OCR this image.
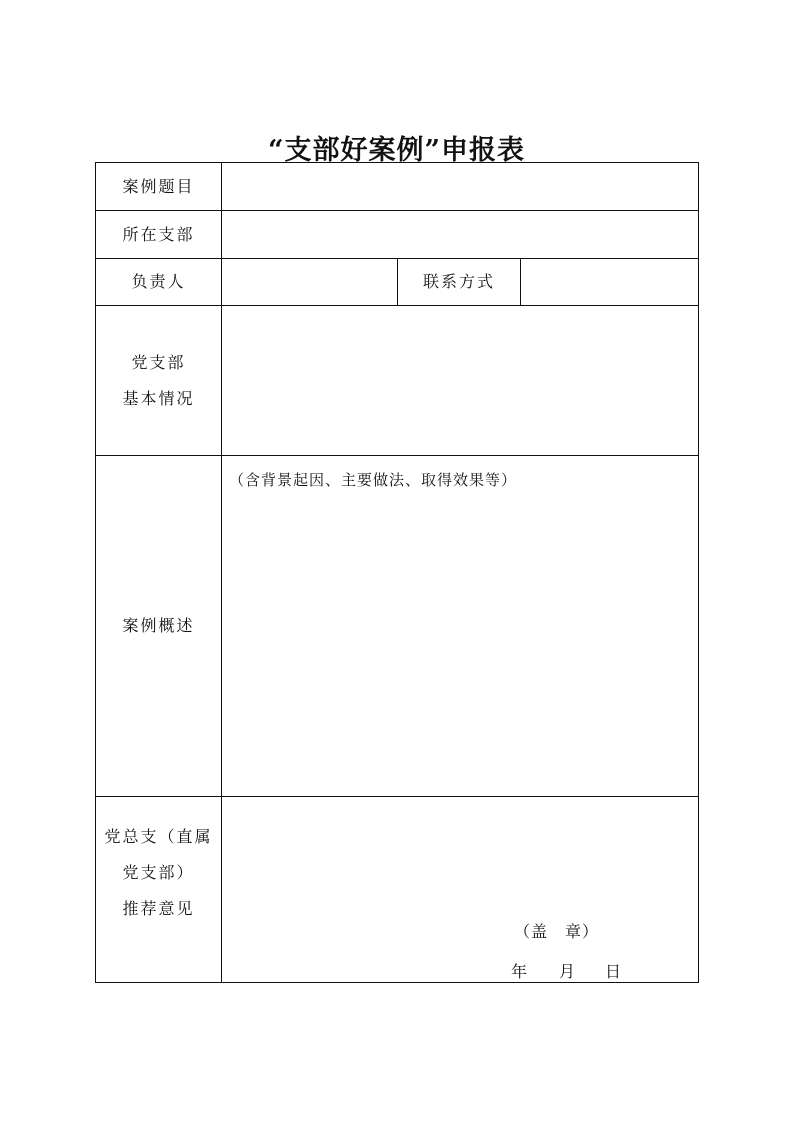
“支部好案例”申报表
案例题目
所在支部
负责人	联系方式
党支部
基本情况
案例概述
（含背景起因、主要做法、取得效果等）
党总支（直属
党支部）
推荐意见
（盖　章）
年 月 日
